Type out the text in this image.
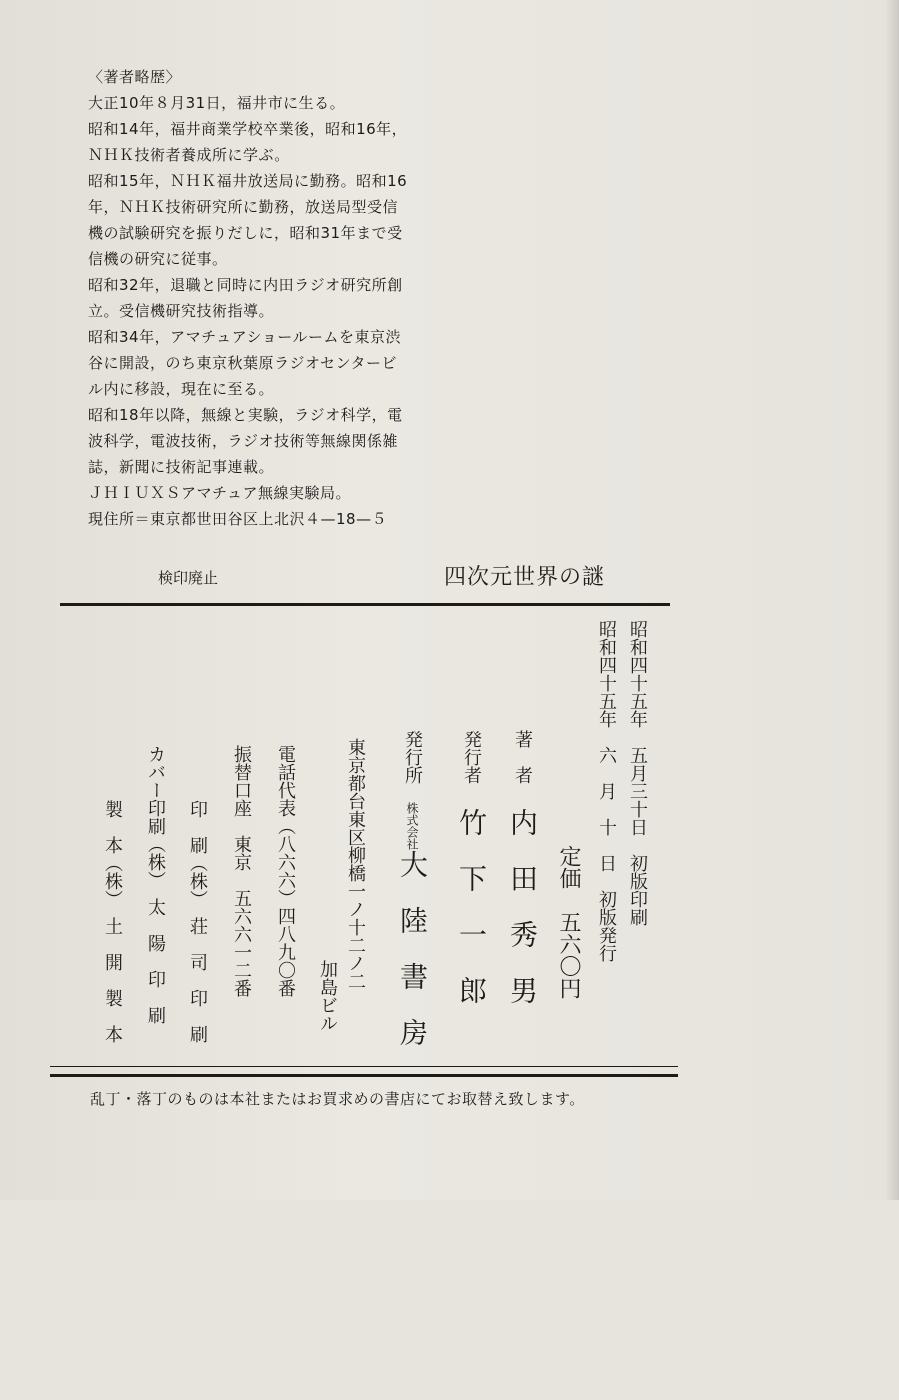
〈著者略歴〉

大正10年８月31日，福井市に生る。

昭和14年，福井商業学校卒業後，昭和16年，

ＮＨＫ技術者養成所に学ぶ。

昭和15年，ＮＨＫ福井放送局に勤務。昭和16

年，ＮＨＫ技術研究所に勤務，放送局型受信

機の試験研究を振りだしに，昭和31年まで受

信機の研究に従事。

昭和32年，退職と同時に内田ラジオ研究所創

立。受信機研究技術指導。

昭和34年，アマチュアショールームを東京渋

谷に開設，のち東京秋葉原ラジオセンタービ

ル内に移設，現在に至る。

昭和18年以降，無線と実験，ラジオ科学，電

波科学，電波技術，ラジオ技術等無線関係雑

誌，新聞に技術記事連載。

ＪＨＩＵＸＳアマチュア無線実験局。

現住所＝東京都世田谷区上北沢４—18—５

検印廃止	四次元世界の謎
昭和四十五年　五月三十日　初版印刷
昭和四十五年　六　月　十　日　初版発行
定価　五六〇円
著　者内　田　秀　男
発行者竹　下　一　郎
発行所株式会社大　陸　書　房
東京都台東区柳橋一ノ十二ノ二
加島ビル
電話代表（八六六）四八九〇番
振替口座　東京　五六六一二番
印　刷（株）　荘　司　印　刷
カバー印刷（株）　太　陽　印　刷
製　本（株）　土　開　製　本
乱丁・落丁のものは本社またはお買求めの書店にてお取替え致します。
